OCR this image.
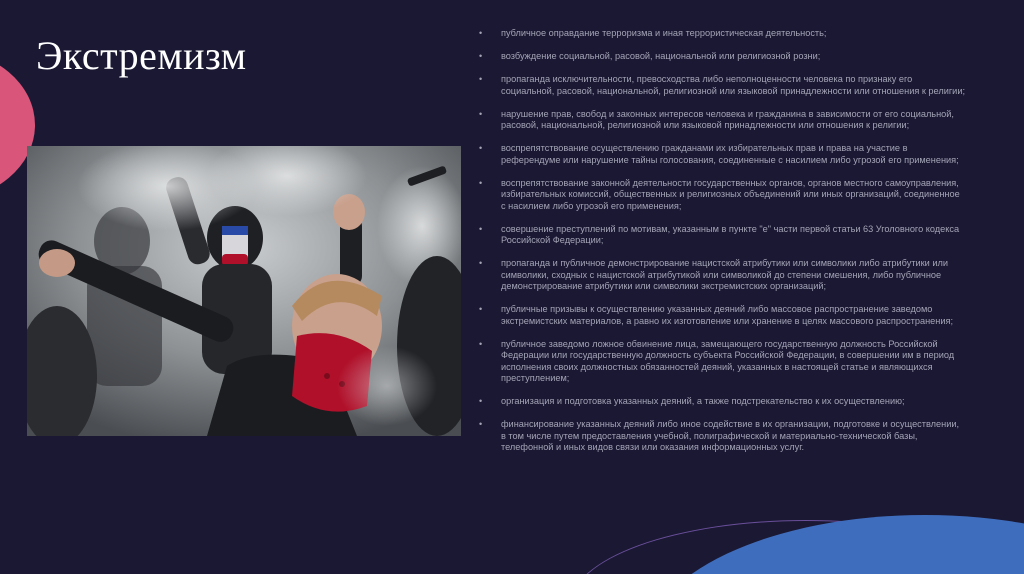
Экстремизм	• публичное оправдание терроризма и иная террористическая деятельность;
• возбуждение социальной, расовой, национальной или религиозной розни;
• пропаганда исключительности, превосходства либо неполноценности человека по признаку его социальной, расовой, национальной, религиозной или языковой принадлежности или отношения к религии;
• нарушение прав, свобод и законных интересов человека и гражданина в зависимости от его социальной, расовой, национальной, религиозной или языковой принадлежности или отношения к религии;
• воспрепятствование осуществлению гражданами их избирательных прав и права на участие в референдуме или нарушение тайны голосования, соединенные с насилием либо угрозой его применения;
• воспрепятствование законной деятельности государственных органов, органов местного самоуправления, избирательных комиссий, общественных и религиозных объединений или иных организаций, соединенное с насилием либо угрозой его применения;
• совершение преступлений по мотивам, указанным в пункте "е" части первой статьи 63 Уголовного кодекса Российской Федерации;
• пропаганда и публичное демонстрирование нацистской атрибутики или символики либо атрибутики или символики, сходных с нацистской атрибутикой или символикой до степени смешения, либо публичное демонстрирование атрибутики или символики экстремистских организаций;
• публичные призывы к осуществлению указанных деяний либо массовое распространение заведомо экстремистских материалов, а равно их изготовление или хранение в целях массового распространения;
• публичное заведомо ложное обвинение лица, замещающего государственную должность Российской Федерации или государственную должность субъекта Российской Федерации, в совершении им в период исполнения своих должностных обязанностей деяний, указанных в настоящей статье и являющихся преступлением;
• организация и подготовка указанных деяний, а также подстрекательство к их осуществлению;
• финансирование указанных деяний либо иное содействие в их организации, подготовке и осуществлении, в том числе путем предоставления учебной, полиграфической и материально-технической базы, телефонной и иных видов связи или оказания информационных услуг.
